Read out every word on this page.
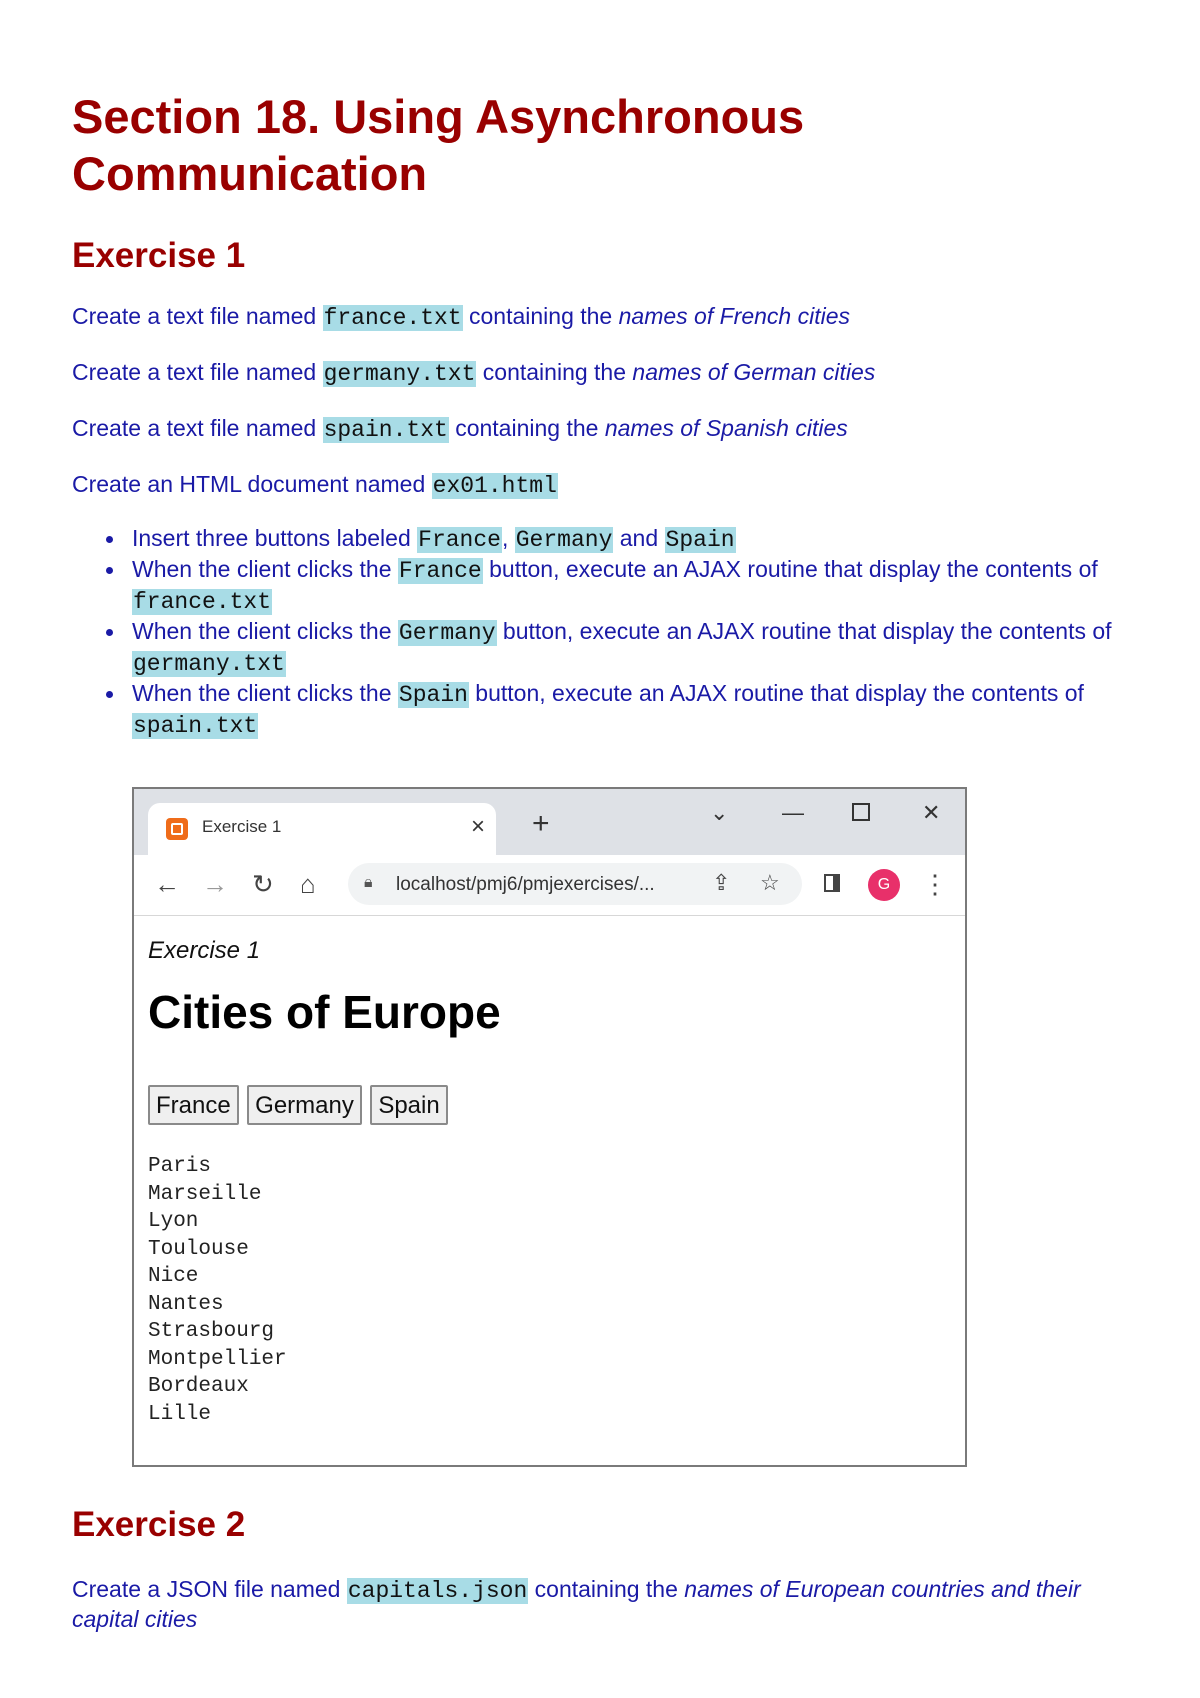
Section 18. Using Asynchronous Communication
Exercise 1

Create a text file named france.txt containing the names of French cities

Create a text file named germany.txt containing the names of German cities

Create a text file named spain.txt containing the names of Spanish cities

Create an HTML document named ex01.html

Insert three buttons labeled France, Germany and Spain
When the client clicks the France button, execute an AJAX routine that display the contents of france.txt
When the client clicks the Germany button, execute an AJAX routine that display the contents of germany.txt
When the client clicks the Spain button, execute an AJAX routine that display the contents of spain.txt
Exercise 1	× +	⌄ —	✕
← → ↻ ⌂	🔒︎ localhost/pmj6/pmjexercises/...	⇪ ☆	G	⋮
Exercise 1
Cities of Europe
France Germany Spain
Paris
Marseille
Lyon
Toulouse
Nice
Nantes
Strasbourg
Montpellier
Bordeaux
Lille
Exercise 2

Create a JSON file named capitals.json containing the names of European countries and their capital cities
